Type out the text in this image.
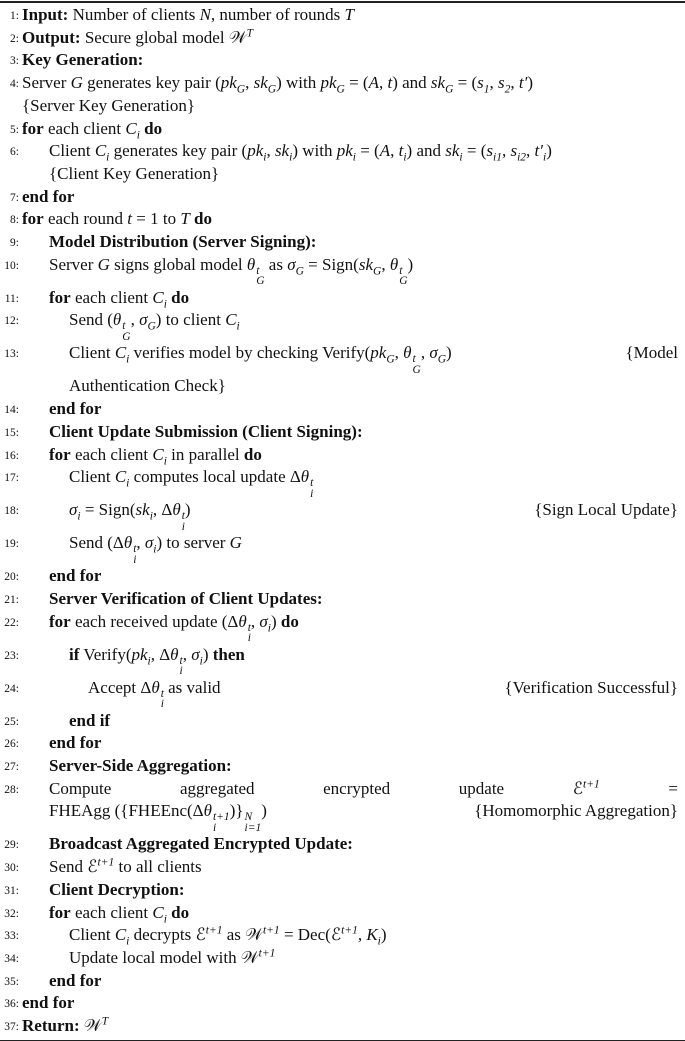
1: Input: Number of clients N, number of rounds T
2: Output: Secure global model 𝒲$^T$
3: Key Generation:
4: Server G generates key pair ($pk_G$, $sk_G$) with $pk_G = (A$, t) and $sk_G = (s_1$, $s_2$, t′)
{Server Key Generation}
5: for each client $C_i$ do
6: Client $C_i$ generates key pair ($pk_i$, $sk_i$) with $pk_i = (A$, $t_i$) and $sk_i = (s_{i1}$, $s_{i2}$, $t'_i$)
{Client Key Generation}
7: end for
8: for each round t = 1 to T do
9: Model Distribution (Server Signing):
10: Server G signs global model θ t
G
as $\sigma_G$ = $Sign(sk_G$, θ t
G
)
11: for each client $C_i$ do
12:	Send (θ t
G
, $\sigma_G$) to client $C_i$
13:	Client $C_i$ verifies model by checking $Verify(pk_G$, θ t
G
, $\sigma_G$)	{Model
Authentication Check}
14: end for
15: Client Update Submission (Client Signing):
16: for each client $C_i$ in parallel do
17:	Client $C_i$ computes local update Δθ t
i
18:	$\sigma_i$ = $Sign(sk_i$, Δθ t
i
)	{Sign Local Update}
19:	Send (Δθ t
i
, $\sigma_i$) to server G
20: end for
21: Server Verification of Client Updates:
22: for each received update (Δθ t
i
, $\sigma_i$) do
23:	if $Verify(pk_i$, Δθ t
i
, $\sigma_i$) then
24:	Accept Δθ t
i
as valid	{Verification Successful}
25:	end if
26: end for
27: Server-Side Aggregation:
28: Compute	aggregated	encrypted	update	ℰ$^{t+1}$	=
FHEAgg ({FHEEnc(Δθ t+1
i
)} N
i=1
)	{Homomorphic Aggregation}
29: Broadcast Aggregated Encrypted Update:
30: Send ℰ$^{t+1}$ to all clients
31: Client Decryption:
32: for each client $C_i$ do
33:	Client $C_i$ decrypts ℰ$^{t+1}$ as 𝒲$^{t+1}$ = Dec(ℰ$^{t+1}$, $K_i$)
34:	Update local model with 𝒲$^{t+1}$
35: end for
36: end for
37: Return: 𝒲$^T$
